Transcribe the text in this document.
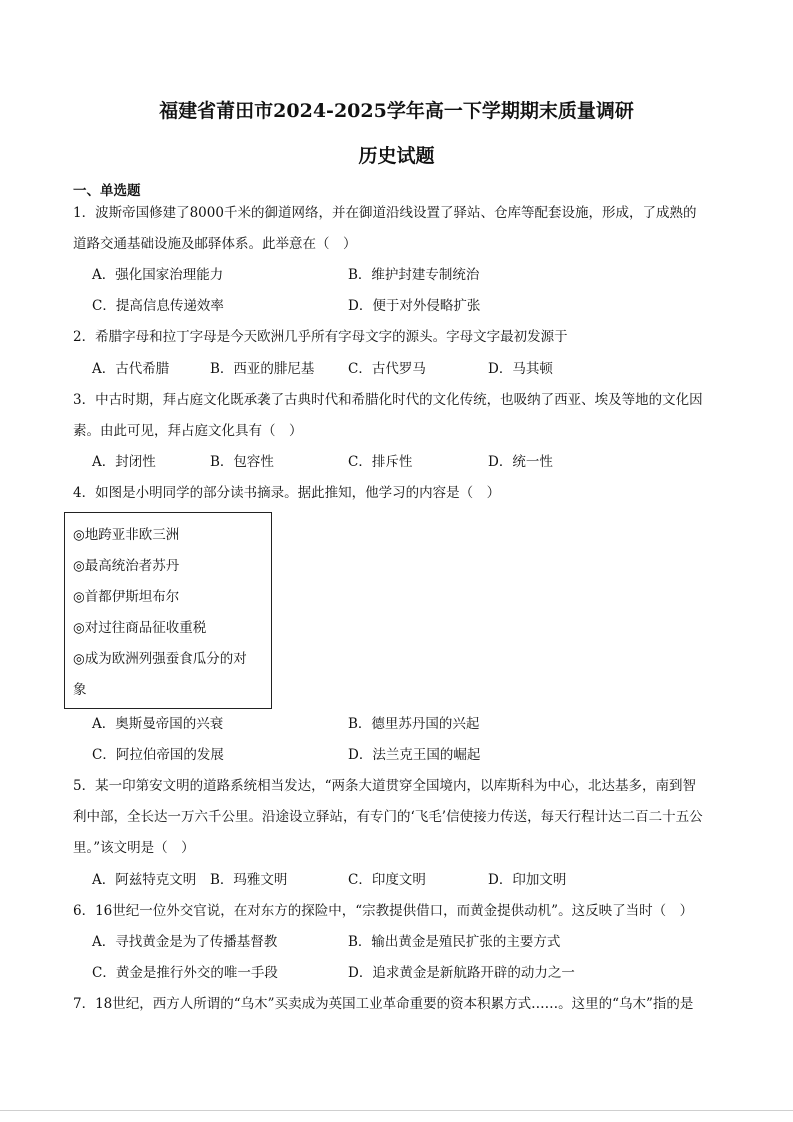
福建省莆田市2024-2025学年高一下学期期末质量调研
历史试题
一、单选题
1．波斯帝国修建了8000千米的御道网络，并在御道沿线设置了驿站、仓库等配套设施，形成，了成熟的
道路交通基础设施及邮驿体系。此举意在（　）
A．强化国家治理能力	B．维护封建专制统治
C．提高信息传递效率	D．便于对外侵略扩张
2．希腊字母和拉丁字母是今天欧洲几乎所有字母文字的源头。字母文字最初发源于
A．古代希腊	B．西亚的腓尼基 C．古代罗马	D．马其顿
3．中古时期，拜占庭文化既承袭了古典时代和希腊化时代的文化传统，也吸纳了西亚、埃及等地的文化因
素。由此可见，拜占庭文化具有（　）
A．封闭性	B．包容性	C．排斥性	D．统一性
4．如图是小明同学的部分读书摘录。据此推知，他学习的内容是（　）
◎地跨亚非欧三洲
◎最高统治者苏丹
◎首都伊斯坦布尔
◎对过往商品征收重税
◎成为欧洲列强蚕食瓜分的对
象
A．奥斯曼帝国的兴衰	B．德里苏丹国的兴起
C．阿拉伯帝国的发展	D．法兰克王国的崛起
5．某一印第安文明的道路系统相当发达，“两条大道贯穿全国境内，以库斯科为中心，北达基多，南到智
利中部，全长达一万六千公里。沿途设立驿站，有专门的‘飞毛’信使接力传送，每天行程计达二百二十五公
里。”该文明是（　）
A．阿兹特克文明 B．玛雅文明	C．印度文明	D．印加文明
6．16世纪一位外交官说，在对东方的探险中，“宗教提供借口，而黄金提供动机”。这反映了当时（　）
A．寻找黄金是为了传播基督教	B．输出黄金是殖民扩张的主要方式
C．黄金是推行外交的唯一手段	D．追求黄金是新航路开辟的动力之一
7．18世纪，西方人所谓的“乌木”买卖成为英国工业革命重要的资本积累方式……。这里的“乌木”指的是
